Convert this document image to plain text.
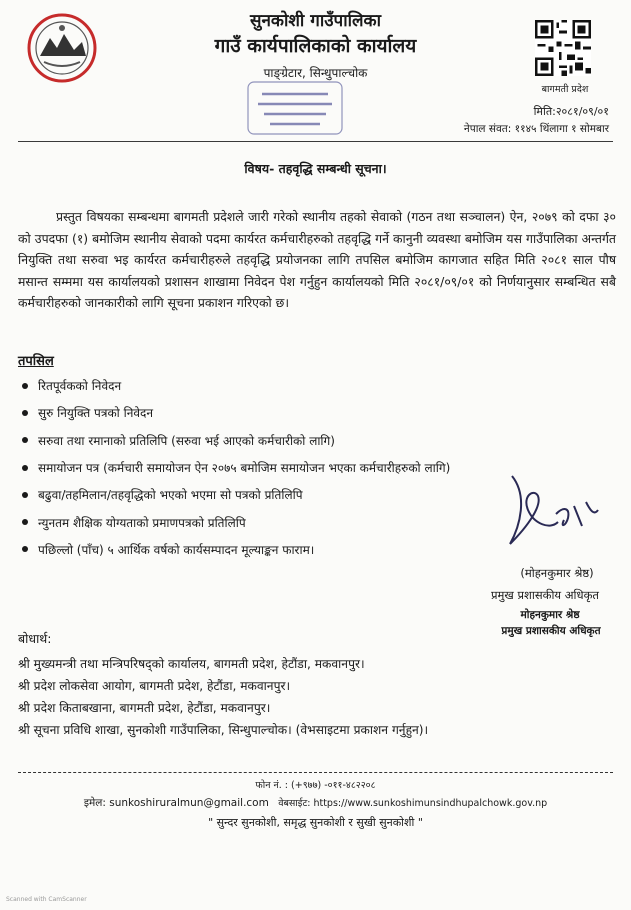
सुनकोशी गाउँपालिका
गाउँ कार्यपालिकाको कार्यालय
पाङ्ग्रेटार, सिन्धुपाल्चोक
बागमती प्रदेश
मिति:२०८१/०९/०१
नेपाल संवत: ११४५ थिंलागा १ सोमबार
विषय- तहवृद्धि सम्बन्धी सूचना।
प्रस्तुत विषयका सम्बन्धमा बागमती प्रदेशले जारी गरेको स्थानीय तहको सेवाको (गठन तथा सञ्चालन) ऐन, २०७९ को दफा ३० को उपदफा (१) बमोजिम स्थानीय सेवाको पदमा कार्यरत कर्मचारीहरुको तहवृद्धि गर्ने कानुनी व्यवस्था बमोजिम यस गाउँपालिका अन्तर्गत नियुक्ति तथा सरुवा भइ कार्यरत कर्मचारीहरुले तहवृद्धि प्रयोजनका लागि तपसिल बमोजिम कागजात सहित मिति २०८१ साल पौष मसान्त सम्ममा यस कार्यालयको प्रशासन शाखामा निवेदन पेश गर्नुहुन कार्यालयको मिति २०८१/०९/०१ को निर्णयानुसार सम्बन्धित सबै कर्मचारीहरुको जानकारीको लागि सूचना प्रकाशन गरिएको छ।
तपसिल
रितपूर्वकको निवेदन
सुरु नियुक्ति पत्रको निवेदन
सरुवा तथा रमानाको प्रतिलिपि (सरुवा भई आएको कर्मचारीको लागि)
समायोजन पत्र (कर्मचारी समायोजन ऐन २०७५ बमोजिम समायोजन भएका कर्मचारीहरुको लागि)
बढुवा/तहमिलान/तहवृद्धिको भएको भएमा सो पत्रको प्रतिलिपि
न्युनतम शैक्षिक योग्यताको प्रमाणपत्रको प्रतिलिपि
पछिल्लो (पाँच) ५ आर्थिक वर्षको कार्यसम्पादन मूल्याङ्कन फाराम।
(मोहनकुमार श्रेष्ठ)
प्रमुख प्रशासकीय अधिकृत
मोहनकुमार श्रेष्ठ
प्रमुख प्रशासकीय अधिकृत
बोधार्थ:
श्री मुख्यमन्त्री तथा मन्त्रिपरिषद्को कार्यालय, बागमती प्रदेश, हेटौंडा, मकवानपुर।
श्री प्रदेश लोकसेवा आयोग, बागमती प्रदेश, हेटौंडा, मकवानपुर।
श्री प्रदेश किताबखाना, बागमती प्रदेश, हेटौंडा, मकवानपुर।
श्री सूचना प्रविधि शाखा, सुनकोशी गाउँपालिका, सिन्धुपाल्चोक। (वेभसाइटमा प्रकाशन गर्नुहुन)।
फोन नं. : (+९७७) -०११-४८२२०८
इमेल: sunkoshiruralmun@gmail.com वेबसाईट: https://www.sunkoshimunsindhupalchowk.gov.np
" सुन्दर सुनकोशी, समृद्ध सुनकोशी र सुखी सुनकोशी "
Scanned with CamScanner
